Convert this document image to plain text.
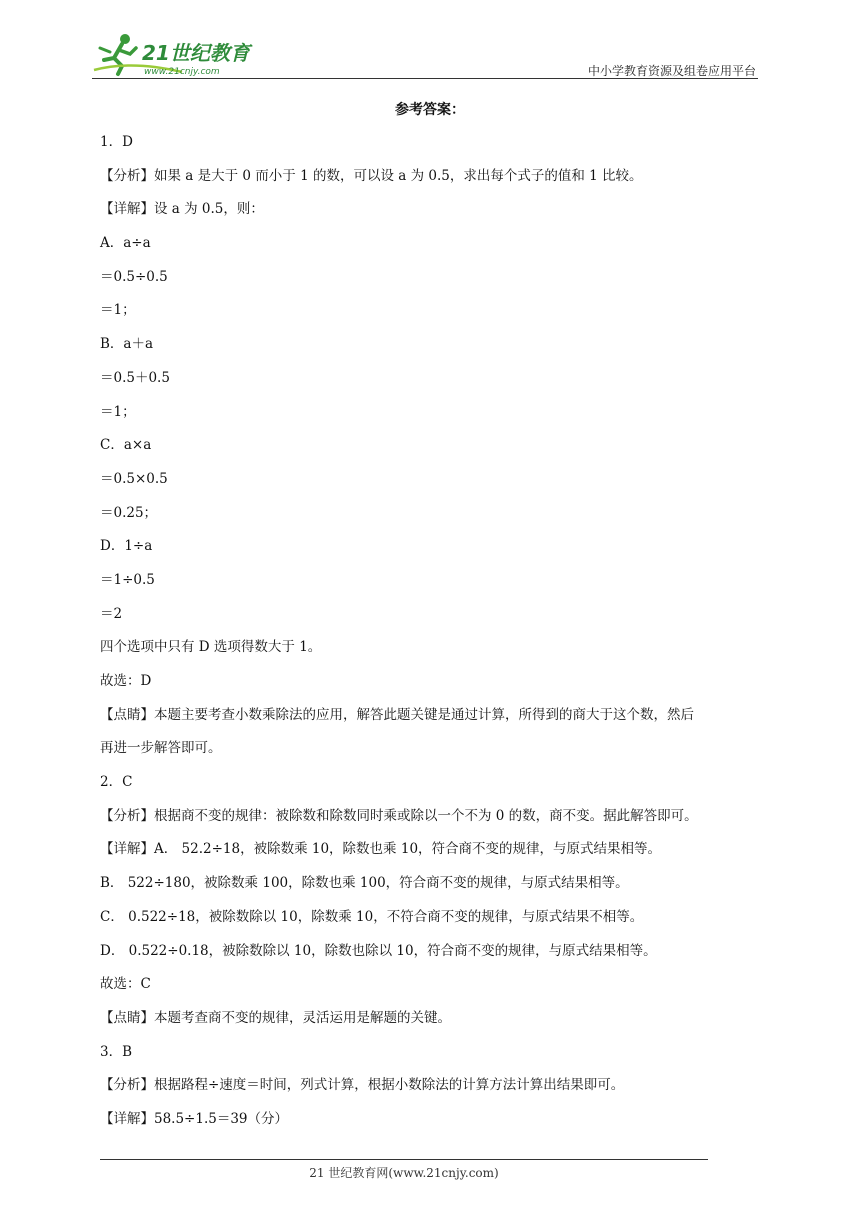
21世纪教育
www.21cnjy.com	中小学教育资源及组卷应用平台
参考答案：
1．D
【分析】如果 a 是大于 0 而小于 1 的数，可以设 a 为 0.5，求出每个式子的值和 1 比较。
【详解】设 a 为 0.5，则：
A．a÷a
＝0.5÷0.5
＝1；
B．a＋a
＝0.5＋0.5
＝1；
C．a×a
＝0.5×0.5
＝0.25；
D．1÷a
＝1÷0.5
＝2
四个选项中只有 D 选项得数大于 1。
故选：D
【点睛】本题主要考查小数乘除法的应用，解答此题关键是通过计算，所得到的商大于这个数，然后
再进一步解答即可。
2．C
【分析】根据商不变的规律：被除数和除数同时乘或除以一个不为 0 的数，商不变。据此解答即可。
【详解】A． 52.2÷18，被除数乘 10，除数也乘 10，符合商不变的规律，与原式结果相等。
B． 522÷180，被除数乘 100，除数也乘 100，符合商不变的规律，与原式结果相等。
C． 0.522÷18，被除数除以 10，除数乘 10，不符合商不变的规律，与原式结果不相等。
D． 0.522÷0.18，被除数除以 10，除数也除以 10，符合商不变的规律，与原式结果相等。
故选：C
【点睛】本题考查商不变的规律，灵活运用是解题的关键。
3．B
【分析】根据路程÷速度＝时间，列式计算，根据小数除法的计算方法计算出结果即可。
【详解】58.5÷1.5＝39（分）
21 世纪教育网(www.21cnjy.com)
